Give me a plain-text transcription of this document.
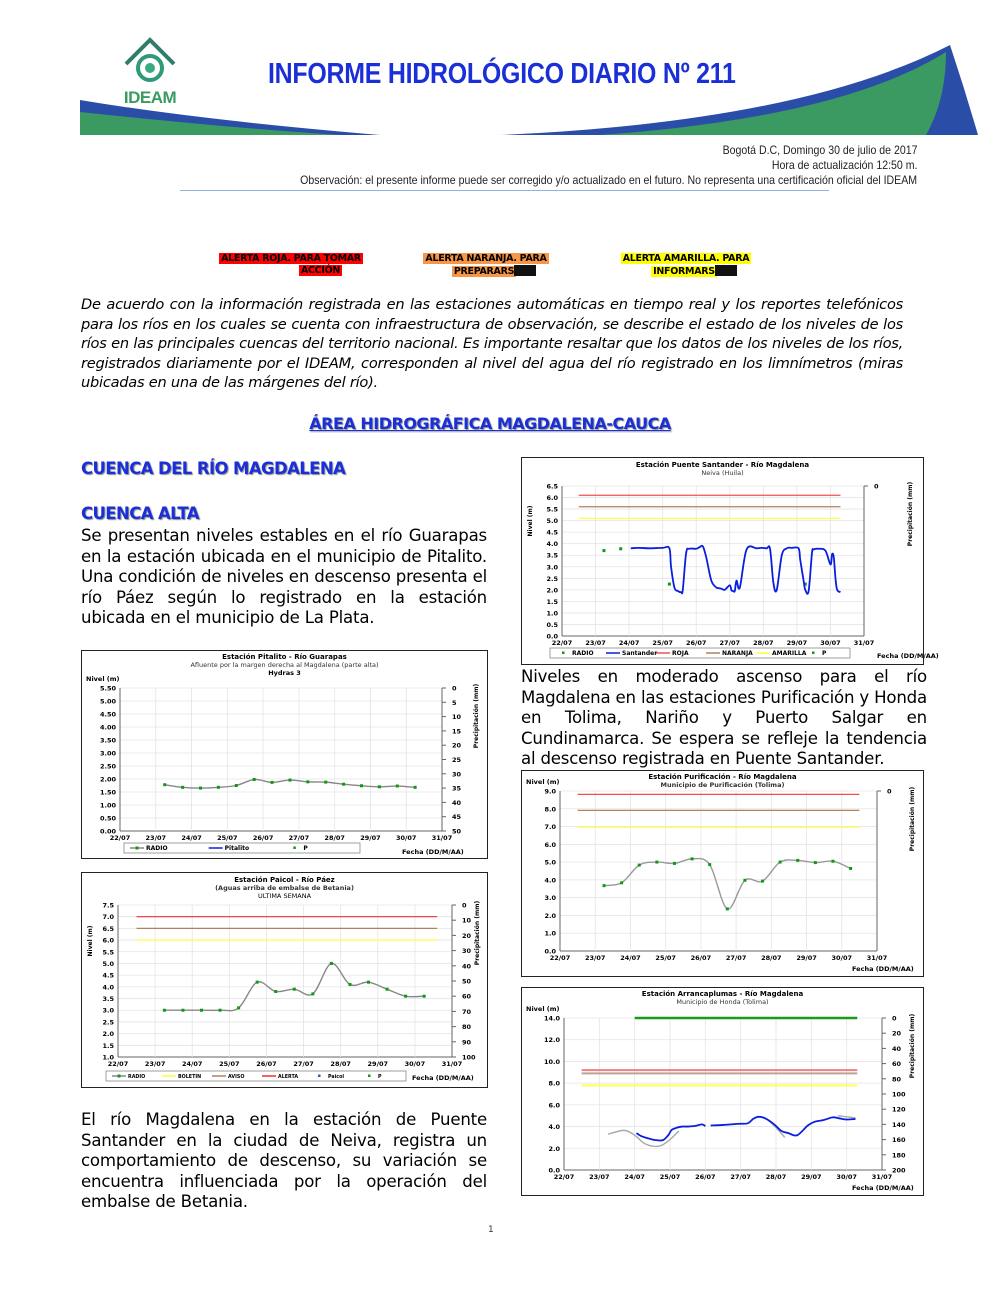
IDEAM
INFORME HIDROLÓGICO DIARIO Nº 211
Bogotá D.C, Domingo 30 de julio de 2017
Hora de actualización 12:50 m.
Observación: el presente informe puede ser corregido y/o actualizado en el futuro. No representa una certificación oficial del IDEAM
ALERTA ROJA. PARA TOMAR
ACCIÓN
ALERTA NARANJA. PARA
PREPARARS
ALERTA AMARILLA. PARA
INFORMARS
De acuerdo con la información registrada en las estaciones automáticas en tiempo real y los reportes telefónicos para los ríos en los cuales se cuenta con infraestructura de observación, se describe el estado de los niveles de los ríos en las principales cuencas del territorio nacional. Es importante resaltar que los datos de los niveles de los ríos, registrados diariamente por el IDEAM, corresponden al nivel del agua del río registrado en los limnímetros (miras ubicadas en una de las márgenes del río).
ÁREA HIDROGRÁFICA MAGDALENA-CAUCA
CUENCA DEL RÍO MAGDALENA
CUENCA ALTA
Se presentan niveles estables en el río Guarapas en la estación ubicada en el municipio de Pitalito. Una condición de niveles en descenso presenta el río Páez según lo registrado en la estación ubicada en el municipio de La Plata.
Niveles en moderado ascenso para el río Magdalena en las estaciones Purificación y Honda en Tolima, Nariño y Puerto Salgar en Cundinamarca. Se espera se refleje la tendencia al descenso registrada en Puente Santander.
El río Magdalena en la estación de Puente Santander en la ciudad de Neiva, registra un comportamiento de descenso, su variación se encuentra influenciada por la operación del embalse de Betania.
1
Estación Puente Santander - Río Magdalena
Neiva (Huila)
0.0
0.5
1.0
1.5
2.0
2.5
3.0
3.5
4.0
4.5
5.0
5.5
6.0
6.5
22/07 23/07 24/07 25/07 26/07 27/07 28/07 29/07 30/07 31/07
0
Nivel (m)	Precipitación (mm)
Fecha (DD/M/AA)
RADIO	Santander ROJA	NARANJA	AMARILLA	P
Estación Pitalito - Río Guarapas
Afluente por la margen derecha al Magdalena (parte alta)
Hydras 3
0.00
0.50
1.00
1.50
2.00
2.50
3.00
3.50
4.00
4.50
5.00
5.50
22/07 23/07 24/07 25/07 26/07 27/07 28/07 29/07 30/07 31/07
0
5
10
15
20
25
30
35
40
45
50
Nivel (m)
Precipitación (mm)
Fecha (DD/M/AA)
RADIO	Pitalito	P
Estación Paicol - Río Páez
(Aguas arriba de embalse de Betania)
ULTIMA SEMANA
1.0
1.5
2.0
2.5
3.0
3.5
4.0
4.5
5.0
5.5
6.0
6.5
7.0
7.5
22/07	23/07	24/07	25/07	26/07	27/07	28/07	29/07	30/07	31/07
0
10
20
30
40
50
60
70
80
90
100
Nivel (m)	Precipitación (mm)
Fecha (DD/M/AA)
RADIO	BOLETIN	AVISO	ALERTA	Paicol	P
Estación Purificación - Río Magdalena
Municipio de Purificación (Tolima)
0.0
1.0
2.0
3.0
4.0
5.0
6.0
7.0
8.0
9.0
22/07 23/07 24/07 25/07 26/07 27/07 28/07 29/07 30/07 31/07
0
Nivel (m)
Precipitación (mm)
Fecha (DD/M/AA)
Estación Arrancaplumas - Río Magdalena
Municipio de Honda (Tolima)
0.0
2.0
4.0
6.0
8.0
10.0
12.0
14.0
22/07 23/07 24/07 25/07 26/07 27/07 28/07 29/07 30/07 31/07
0
20
40
60
80
100
120
140
160
180
200
Nivel (m)
Precipitación (mm)
Fecha (DD/M/AA)
